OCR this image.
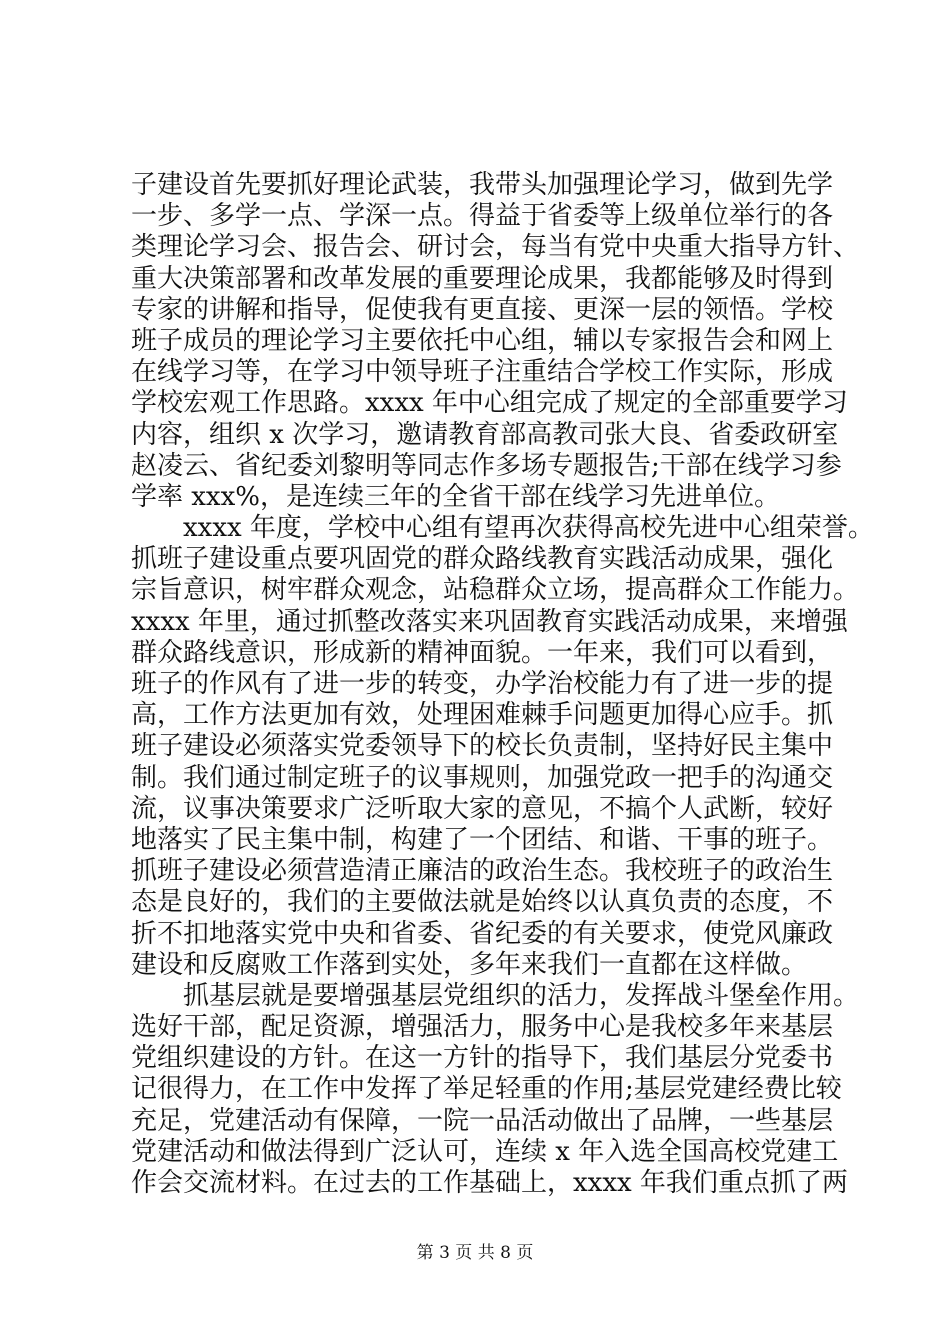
子建设首先要抓好理论武装，我带头加强理论学习，做到先学
一步、多学一点、学深一点。得益于省委等上级单位举行的各
类理论学习会、报告会、研讨会，每当有党中央重大指导方针、
重大决策部署和改革发展的重要理论成果，我都能够及时得到
专家的讲解和指导，促使我有更直接、更深一层的领悟。学校
班子成员的理论学习主要依托中心组，辅以专家报告会和网上
在线学习等，在学习中领导班子注重结合学校工作实际，形成
学校宏观工作思路。xxxx 年中心组完成了规定的全部重要学习
内容，组织 x 次学习，邀请教育部高教司张大良、省委政研室
赵凌云、省纪委刘黎明等同志作多场专题报告;干部在线学习参
学率 xxx%，是连续三年的全省干部在线学习先进单位。
xxxx 年度，学校中心组有望再次获得高校先进中心组荣誉。
抓班子建设重点要巩固党的群众路线教育实践活动成果，强化
宗旨意识，树牢群众观念，站稳群众立场，提高群众工作能力。
xxxx 年里，通过抓整改落实来巩固教育实践活动成果，来增强
群众路线意识，形成新的精神面貌。一年来，我们可以看到，
班子的作风有了进一步的转变，办学治校能力有了进一步的提
高，工作方法更加有效，处理困难棘手问题更加得心应手。抓
班子建设必须落实党委领导下的校长负责制，坚持好民主集中
制。我们通过制定班子的议事规则，加强党政一把手的沟通交
流，议事决策要求广泛听取大家的意见，不搞个人武断，较好
地落实了民主集中制，构建了一个团结、和谐、干事的班子。
抓班子建设必须营造清正廉洁的政治生态。我校班子的政治生
态是良好的，我们的主要做法就是始终以认真负责的态度，不
折不扣地落实党中央和省委、省纪委的有关要求，使党风廉政
建设和反腐败工作落到实处，多年来我们一直都在这样做。
抓基层就是要增强基层党组织的活力，发挥战斗堡垒作用。
选好干部，配足资源，增强活力，服务中心是我校多年来基层
党组织建设的方针。在这一方针的指导下，我们基层分党委书
记很得力，在工作中发挥了举足轻重的作用;基层党建经费比较
充足，党建活动有保障，一院一品活动做出了品牌，一些基层
党建活动和做法得到广泛认可，连续 x 年入选全国高校党建工
作会交流材料。在过去的工作基础上，xxxx 年我们重点抓了两
第 3 页 共 8 页
